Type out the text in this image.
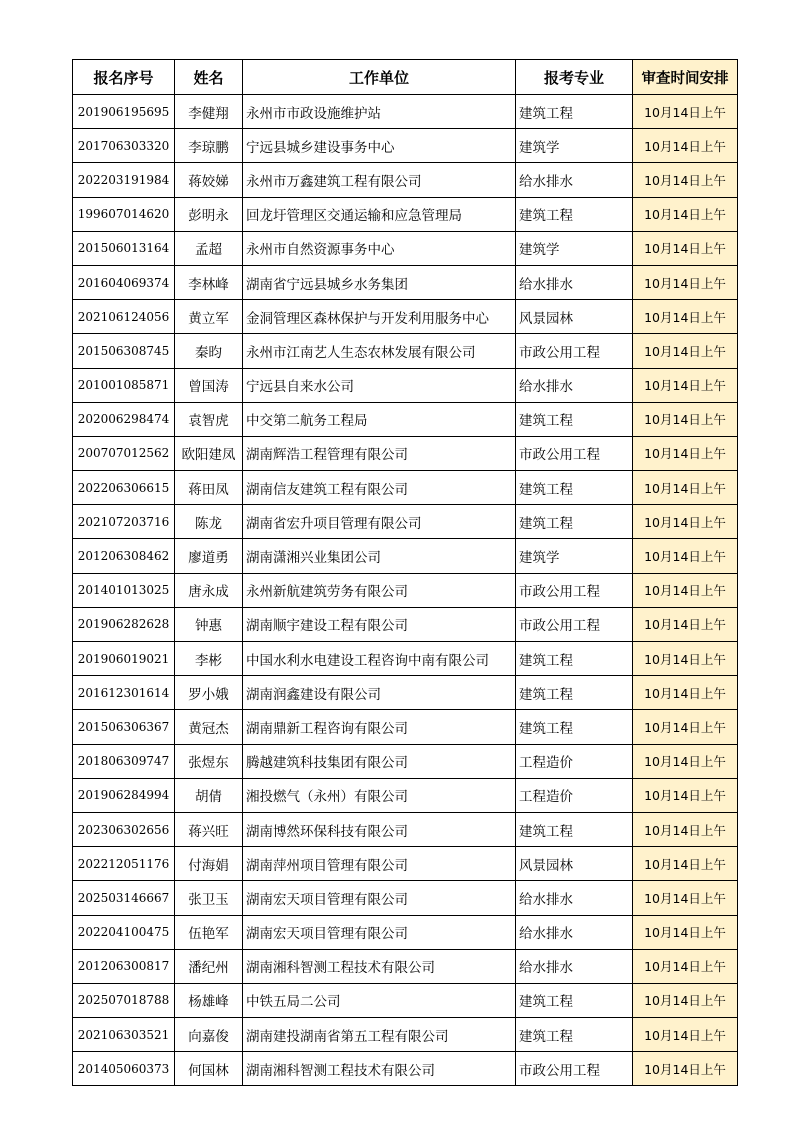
报名序号	姓名	工作单位	报考专业	审查时间安排
201906195695	李健翔	永州市市政设施维护站	建筑工程	10月14日上午
201706303320	李琼鹏	宁远县城乡建设事务中心	建筑学	10月14日上午
202203191984	蒋姣娣	永州市万鑫建筑工程有限公司	给水排水	10月14日上午
199607014620	彭明永	回龙圩管理区交通运输和应急管理局	建筑工程	10月14日上午
201506013164	孟超	永州市自然资源事务中心	建筑学	10月14日上午
201604069374	李林峰	湖南省宁远县城乡水务集团	给水排水	10月14日上午
202106124056	黄立军	金洞管理区森林保护与开发利用服务中心	风景园林	10月14日上午
201506308745	秦昀	永州市江南艺人生态农林发展有限公司	市政公用工程	10月14日上午
201001085871	曾国涛	宁远县自来水公司	给水排水	10月14日上午
202006298474	袁智虎	中交第二航务工程局	建筑工程	10月14日上午
200707012562	欧阳建凤	湖南辉浩工程管理有限公司	市政公用工程	10月14日上午
202206306615	蒋田凤	湖南信友建筑工程有限公司	建筑工程	10月14日上午
202107203716	陈龙	湖南省宏升项目管理有限公司	建筑工程	10月14日上午
201206308462	廖道勇	湖南潇湘兴业集团公司	建筑学	10月14日上午
201401013025	唐永成	永州新航建筑劳务有限公司	市政公用工程	10月14日上午
201906282628	钟惠	湖南顺宇建设工程有限公司	市政公用工程	10月14日上午
201906019021	李彬	中国水利水电建设工程咨询中南有限公司	建筑工程	10月14日上午
201612301614	罗小娥	湖南润鑫建设有限公司	建筑工程	10月14日上午
201506306367	黄冠杰	湖南鼎新工程咨询有限公司	建筑工程	10月14日上午
201806309747	张煜东	腾越建筑科技集团有限公司	工程造价	10月14日上午
201906284994	胡倩	湘投燃气（永州）有限公司	工程造价	10月14日上午
202306302656	蒋兴旺	湖南博然环保科技有限公司	建筑工程	10月14日上午
202212051176	付海娟	湖南萍州项目管理有限公司	风景园林	10月14日上午
202503146667	张卫玉	湖南宏天项目管理有限公司	给水排水	10月14日上午
202204100475	伍艳军	湖南宏天项目管理有限公司	给水排水	10月14日上午
201206300817	潘纪州	湖南湘科智测工程技术有限公司	给水排水	10月14日上午
202507018788	杨雄峰	中铁五局二公司	建筑工程	10月14日上午
202106303521	向嘉俊	湖南建投湖南省第五工程有限公司	建筑工程	10月14日上午
201405060373	何国林	湖南湘科智测工程技术有限公司	市政公用工程	10月14日上午
